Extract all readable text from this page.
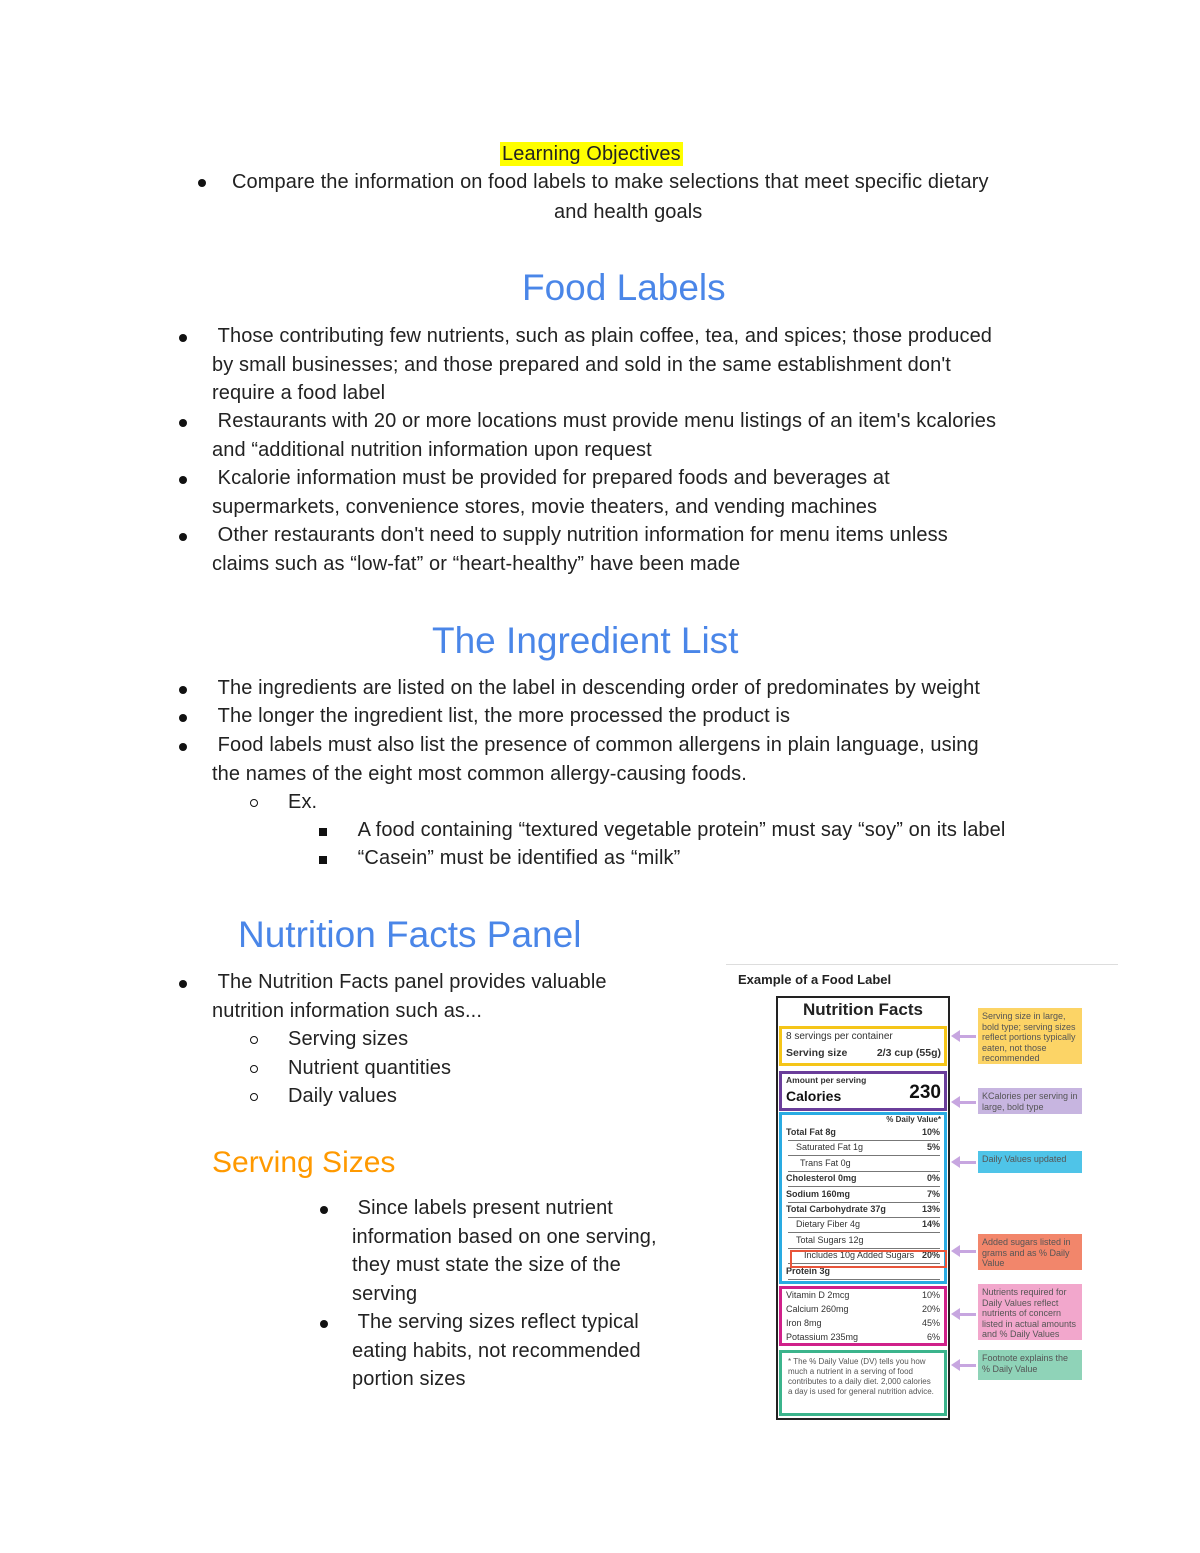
Learning Objectives
Compare the information on food labels to make selections that meet specific dietary
and health goals
Food Labels
Those contributing few nutrients, such as plain coffee, tea, and spices; those produced
by small businesses; and those prepared and sold in the same establishment don't
require a food label
Restaurants with 20 or more locations must provide menu listings of an item's kcalories
and “additional nutrition information upon request
Kcalorie information must be provided for prepared foods and beverages at
supermarkets, convenience stores, movie theaters, and vending machines
Other restaurants don't need to supply nutrition information for menu items unless
claims such as “low-fat” or “heart-healthy” have been made
The Ingredient List
The ingredients are listed on the label in descending order of predominates by weight
The longer the ingredient list, the more processed the product is
Food labels must also list the presence of common allergens in plain language, using
the names of the eight most common allergy-causing foods.
Ex.
A food containing “textured vegetable protein” must say “soy” on its label
“Casein” must be identified as “milk”
Nutrition Facts Panel
The Nutrition Facts panel provides valuable
nutrition information such as...
Serving sizes
Nutrient quantities
Daily values
Serving Sizes
Since labels present nutrient
information based on one serving,
they must state the size of the
serving
The serving sizes reflect typical
eating habits, not recommended
portion sizes
Example of a Food Label
Nutrition Facts
8 servings per container
Serving size	2/3 cup (55g)
Amount per serving
Calories	230
% Daily Value*
Total Fat 8g	10%
Saturated Fat 1g	5%
Trans Fat 0g
Cholesterol 0mg	0%
Sodium 160mg	7%
Total Carbohydrate 37g	13%
Dietary Fiber 4g	14%
Total Sugars 12g
Includes 10g Added Sugars 20%
Protein 3g
Vitamin D 2mcg	10%
Calcium 260mg	20%
Iron 8mg	45%
Potassium 235mg	6%
* The % Daily Value (DV) tells you how much a nutrient in a serving of food contributes to a daily diet. 2,000 calories a day is used for general nutrition advice.
Serving size in large, bold type; serving sizes reflect portions typically eaten, not those recommended
KCalories per serving in large, bold type
Daily Values updated
Added sugars listed in grams and as % Daily Value
Nutrients required for Daily Values reflect nutrients of concern listed in actual amounts and % Daily Values
Footnote explains the % Daily Value
